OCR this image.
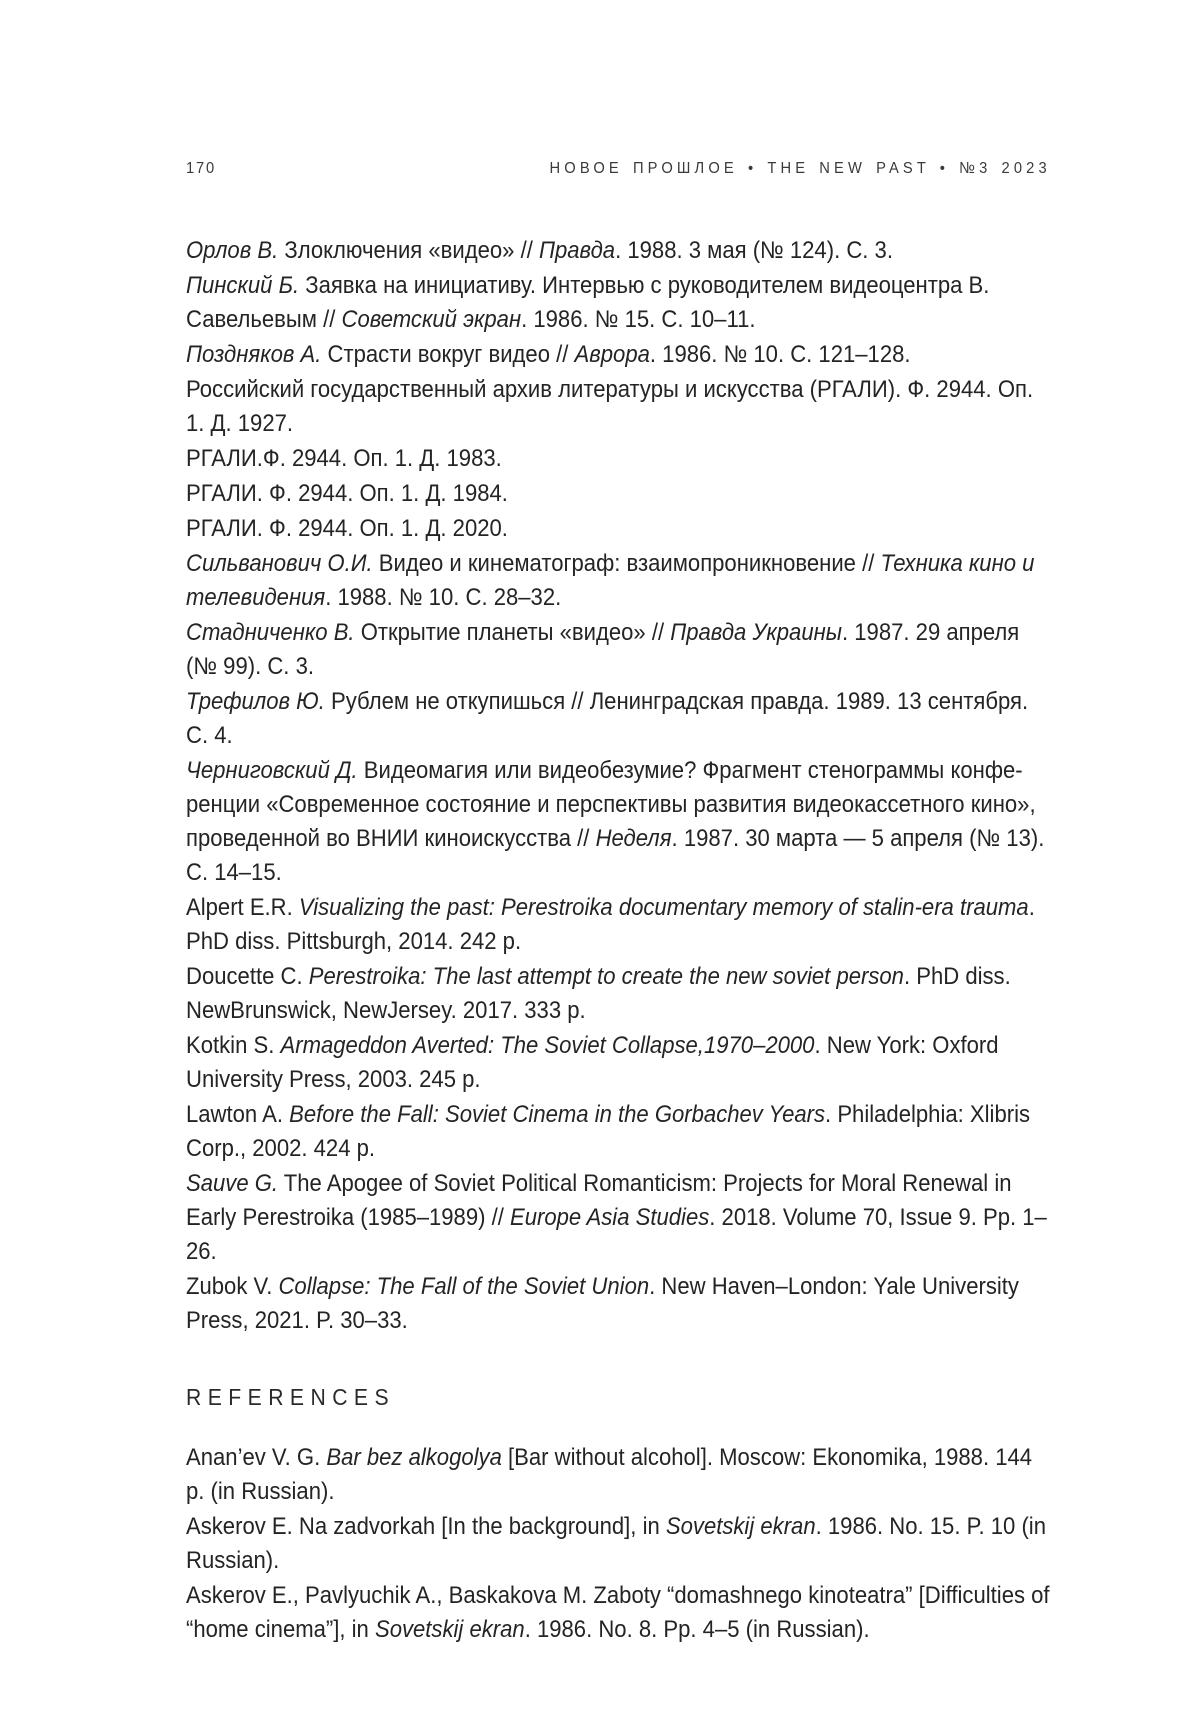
170	НОВОЕ ПРОШЛОЕ • THE NEW PAST • №3 2023

Орлов В. Злоключения «видео» // Правда. 1988. 3 мая (№ 124). С. 3.

Пинский Б. Заявка на инициативу. Интервью с руководителем видеоцентра В. Савельевым // Советский экран. 1986. № 15. С. 10–11.

Поздняков А. Страсти вокруг видео // Аврора. 1986. № 10. С. 121–128.

Российский государственный архив литературы и искусства (РГАЛИ). Ф. 2944. Оп. 1. Д. 1927.

РГАЛИ.Ф. 2944. Оп. 1. Д. 1983.

РГАЛИ. Ф. 2944. Оп. 1. Д. 1984.

РГАЛИ. Ф. 2944. Оп. 1. Д. 2020.

Сильванович О.И. Видео и кинематограф: взаимопроникновение // Техника кино и телевидения. 1988. № 10. С. 28–32.

Стадниченко В. Открытие планеты «видео» // Правда Украины. 1987. 29 апреля (№ 99). С. 3.

Трефилов Ю. Рублем не откупишься // Ленинградская правда. 1989. 13 сентября. С. 4.

Черниговский Д. Видеомагия или видеобезумие? Фрагмент стенограммы конференции «Современное состояние и перспективы развития видеокассетного кино», проведенной во ВНИИ киноискусства // Неделя. 1987. 30 марта — 5 апреля (№ 13). С. 14–15.

Alpert E.R. Visualizing the past: Perestroika documentary memory of stalin-era trauma. PhD diss. Pittsburgh, 2014. 242 p.

Doucette C. Perestroika: The last attempt to create the new soviet person. PhD diss. NewBrunswick, NewJersey. 2017. 333 p.

Kotkin S. Armageddon Averted: The Soviet Collapse,1970–2000. New York: Oxford University Press, 2003. 245 p.

Lawton A. Before the Fall: Soviet Cinema in the Gorbachev Years. Philadelphia: Xlibris Corp., 2002. 424 p.

Sauve G. The Apogee of Soviet Political Romanticism: Projects for Moral Renewal in Early Perestroika (1985–1989) // Europe Asia Studies. 2018. Volume 70, Issue 9. Pp. 1–26.

Zubok V. Collapse: The Fall of the Soviet Union. New Haven–London: Yale University Press, 2021. P. 30–33.

REFERENCES

Anan’ev V. G. Bar bez alkogolya [Bar without alcohol]. Moscow: Ekonomika, 1988. 144 p. (in Russian).

Askerov E. Na zadvorkah [In the background], in Sovetskij ekran. 1986. No. 15. P. 10 (in Russian).

Askerov E., Pavlyuchik A., Baskakova M. Zaboty “domashnego kinoteatra” [Difficulties of “home cinema”], in Sovetskij ekran. 1986. No. 8. Pp. 4–5 (in Russian).
